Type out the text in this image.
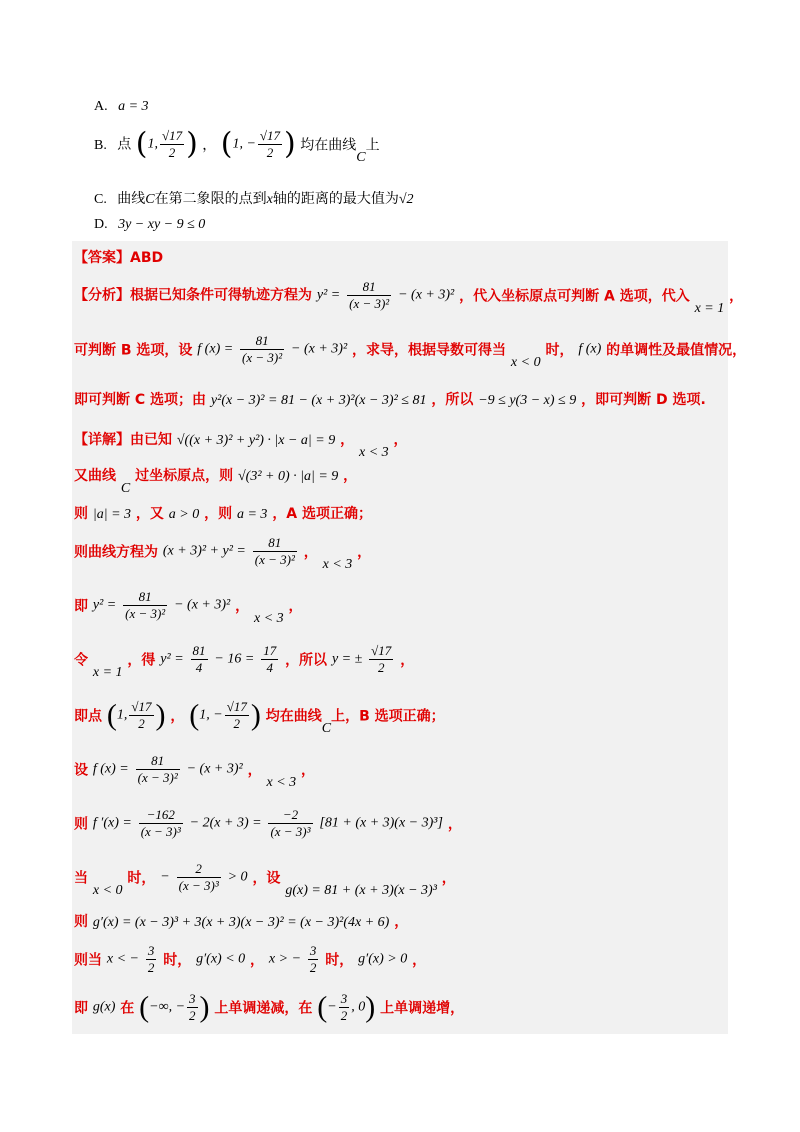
A. a = 3
B. 点 (1, $\frac{√17}{2}$ ) ， (1, − $\frac{√17}{2}$ ) 均在曲线C上
C. 曲线C在第二象限的点到x轴的距离的最大值为√2
D. 3y − xy − 9 ≤ 0
【答案】ABD
【分析】根据已知条件可得轨迹方程为 $y^2 = \frac{81}{\text{(x − 3)²}} - (x + 3)^2$ ，代入坐标原点可判断 A 选项，代入 x = 1 ，
可判断 B 选项，设 f $(x) = \frac{81}{\text{(x − 3)²}} - (x + 3)^2$ ，求导，根据导数可得当 x < 0 时， f (x) 的单调性及最值情况，
即可判断 C 选项；由 y²(x − 3)² = 81 − (x + 3)²(x − 3)² ≤ 81 ，所以 −9 ≤ y(3 − x) ≤ 9 ，即可判断 D 选项.
【详解】由已知 √((x + 3)² + y²) · |x − a| = 9 ， x < 3 ，
又曲线 C 过坐标原点，则 √(3² + 0) · |a| = 9 ，
则 |a| = 3 ，又 a > 0 ，则 a = 3 ，A 选项正确；
则曲线方程为 $(x + 3)^2 + y^2 = \frac{81}{\text{(x − 3)²}}$ ， x < 3 ，
即 $y^2 = \frac{81}{\text{(x − 3)²}} - (x + 3)^2$ ， x < 3 ，
令 x = 1 ，得 $y^2 = \frac{81}{4} - 16 = \frac{17}{4}$ ，所以 y = ± $\frac{√17}{2}$ ，
即点 (1, $\frac{√17}{2}$ ) ， (1, − $\frac{√17}{2}$ ) 均在曲线C上，B 选项正确；
设 f $(x) = \frac{81}{\text{(x − 3)²}} - (x + 3)^2$ ， x < 3 ，
则 f $'(x) = \frac{-162}{\text{(x − 3)³}} - 2(x + 3) = \frac{-2}{\text{(x − 3)³}} [81 + (x + 3)(x - 3)^3]$ ，
当 x < 0 时， − $\frac{2}{\text{(x − 3)³}} > 0$ ，设 g(x) = 81 + (x + 3)(x − 3)³ ，
则 g′(x) = (x − 3)³ + 3(x + 3)(x − 3)² = (x − 3)²(4x + 6) ，
则当 x < − $\frac{3}{2}$ 时， g′(x) < 0 ， x > − $\frac{3}{2}$ 时， g′(x) > 0 ，
即 g(x) 在 (−∞, − $\frac{3}{2}$ ) 上单调递减，在 (− $\frac{3}{2}$ , 0) 上单调递增，
